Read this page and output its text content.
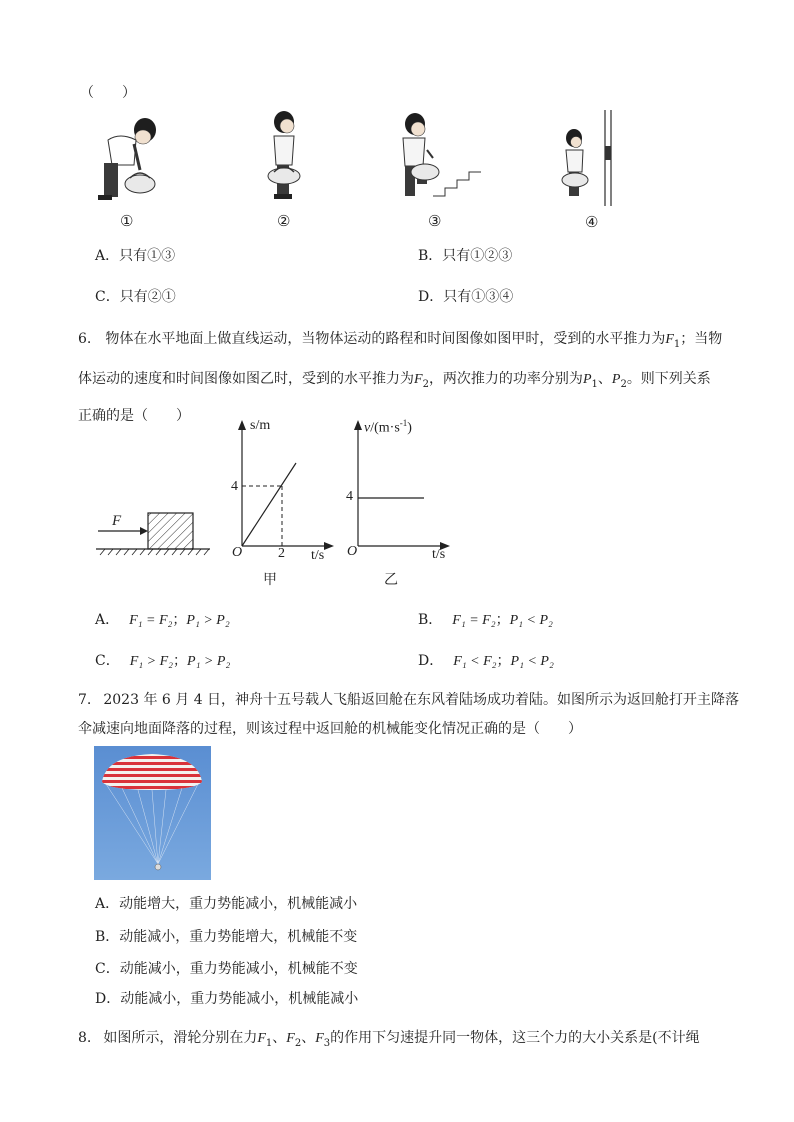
（　　）
①	②	③	④
A．只有①③	B．只有①②③
C．只有②①	D．只有①③④
6. 物体在水平地面上做直线运动，当物体运动的路程和时间图像如图甲时，受到的水平推力为$F_1$；当物
体运动的速度和时间图像如图乙时，受到的水平推力为$F_2$，两次推力的功率分别为$P_1$、$P_2$。则下列关系
正确的是（　　）
F
s/m
4
O	2 t/s
甲
$v/(m\cdot s^{-1})$
4
O	t/s
乙
A． F₁ = F₂；P₁ > P₂	B． F₁ = F₂；P₁ < P₂
C． F₁ > F₂；P₁ > P₂	D． F₁ < F₂；P₁ < P₂
7. 2023 年 6 月 4 日，神舟十五号载人飞船返回舱在东风着陆场成功着陆。如图所示为返回舱打开主降落
伞减速向地面降落的过程，则该过程中返回舱的机械能变化情况正确的是（　　）
A．动能增大，重力势能减小，机械能减小
B．动能减小，重力势能增大，机械能不变
C．动能减小，重力势能减小，机械能不变
D．动能减小，重力势能减小，机械能减小
8. 如图所示，滑轮分别在力$F_1$、$F_2$、$F_3$的作用下匀速提升同一物体，这三个力的大小关系是(不计绳
